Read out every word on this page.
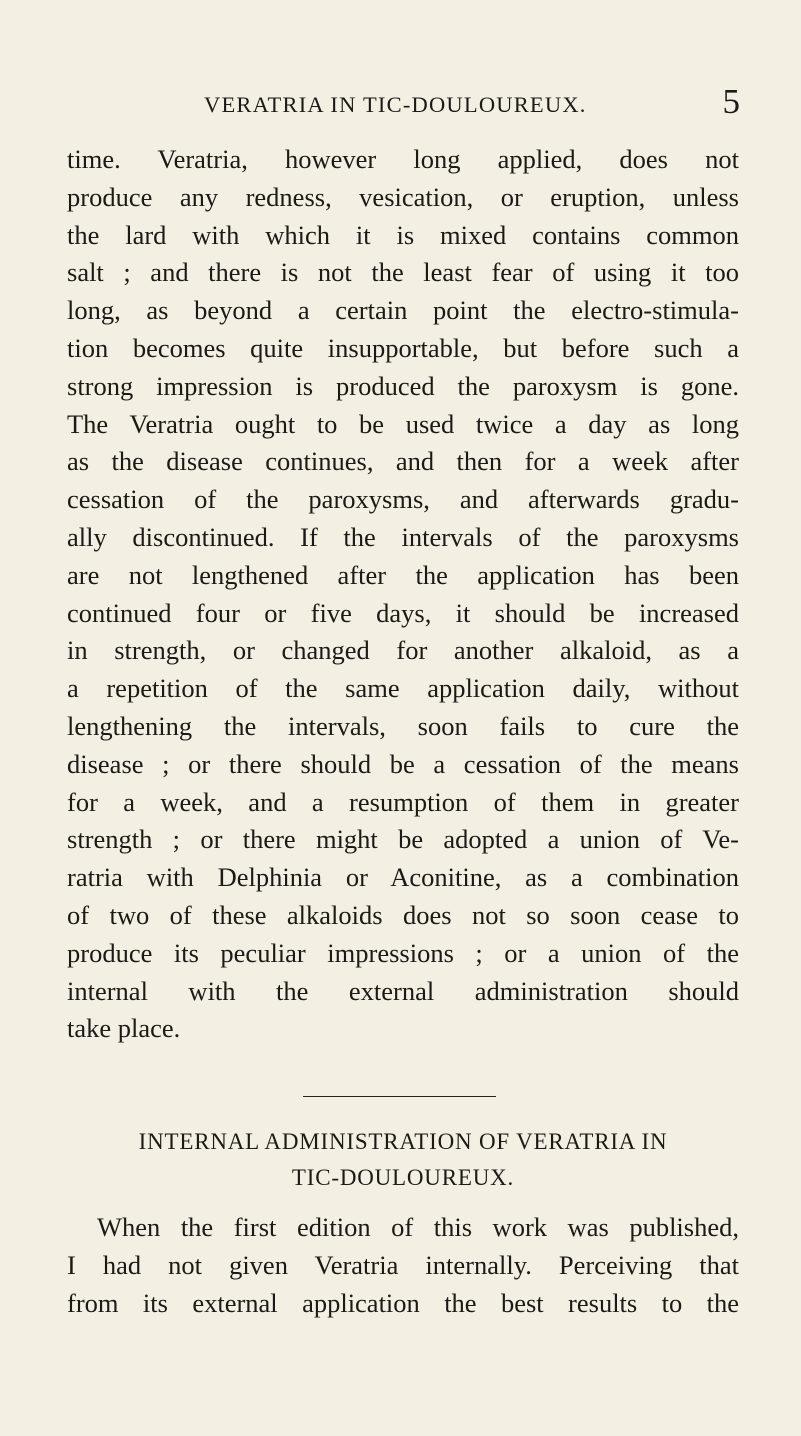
VERATRIA IN TIC-DOULOUREUX.	5
time. Veratria, however long applied, does not
produce any redness, vesication, or eruption, unless
the lard with which it is mixed contains common
salt ; and there is not the least fear of using it too
long, as beyond a certain point the electro-stimula-
tion becomes quite insupportable, but before such a
strong impression is produced the paroxysm is gone.
The Veratria ought to be used twice a day as long
as the disease continues, and then for a week after
cessation of the paroxysms, and afterwards gradu-
ally discontinued. If the intervals of the paroxysms
are not lengthened after the application has been
continued four or five days, it should be increased
in strength, or changed for another alkaloid, as a
a repetition of the same application daily, without
lengthening the intervals, soon fails to cure the
disease ; or there should be a cessation of the means
for a week, and a resumption of them in greater
strength ; or there might be adopted a union of Ve-
ratria with Delphinia or Aconitine, as a combination
of two of these alkaloids does not so soon cease to
produce its peculiar impressions ; or a union of the
internal with the external administration should
take place.
INTERNAL ADMINISTRATION OF VERATRIA IN
TIC-DOULOUREUX.
When the first edition of this work was published,
I had not given Veratria internally. Perceiving that
from its external application the best results to the
